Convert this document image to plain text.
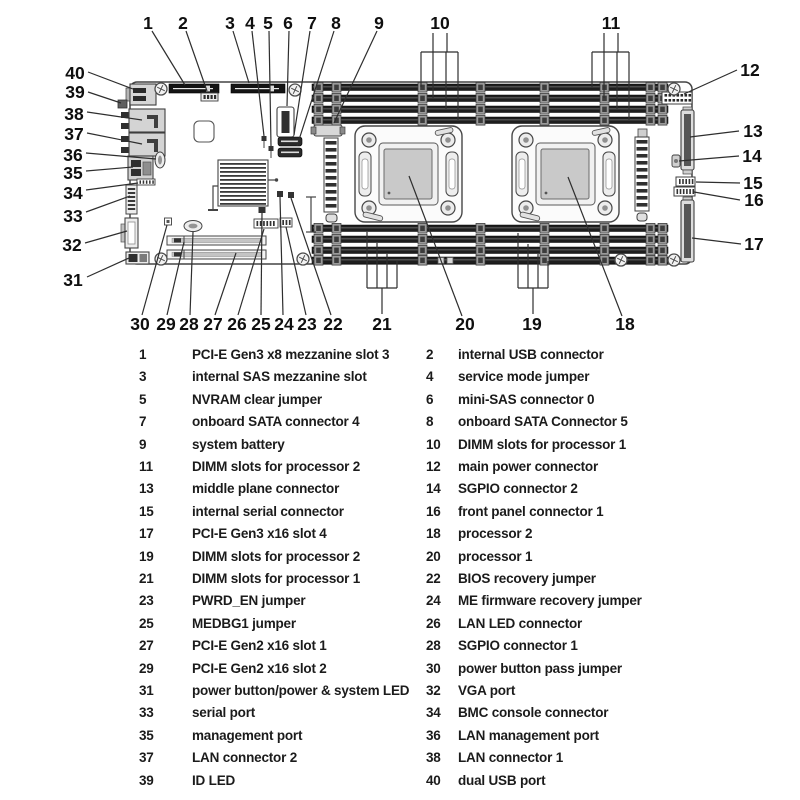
1 2 3 4 5 6 7 8 9	10	11
12
13
14
15
16
17
18
19
20
21
22
23
24
25
26
27
28
29
30
31
32
33
34
35
36
37
38
39
40
1	PCI-E Gen3 x8 mezzanine slot 3	2 internal USB connector
3	internal SAS mezzanine slot	4 service mode jumper
5	NVRAM clear jumper	6 mini-SAS connector 0
7	onboard SATA connector 4	8 onboard SATA Connector 5
9	system battery	10 DIMM slots for processor 1
11	DIMM slots for processor 2	12 main power connector
13	middle plane connector	14 SGPIO connector 2
15	internal serial connector	16 front panel connector 1
17	PCI-E Gen3 x16 slot 4	18 processor 2
19	DIMM slots for processor 2	20 processor 1
21	DIMM slots for processor 1	22 BIOS recovery jumper
23	PWRD_EN jumper	24 ME firmware recovery jumper
25	MEDBG1 jumper	26 LAN LED connector
27	PCI-E Gen2 x16 slot 1	28 SGPIO connector 1
29	PCI-E Gen2 x16 slot 2	30 power button pass jumper
31	power button/power & system LED 32 VGA port
33	serial port	34 BMC console connector
35	management port	36 LAN management port
37	LAN connector 2	38 LAN connector 1
39	ID LED	40 dual USB port
